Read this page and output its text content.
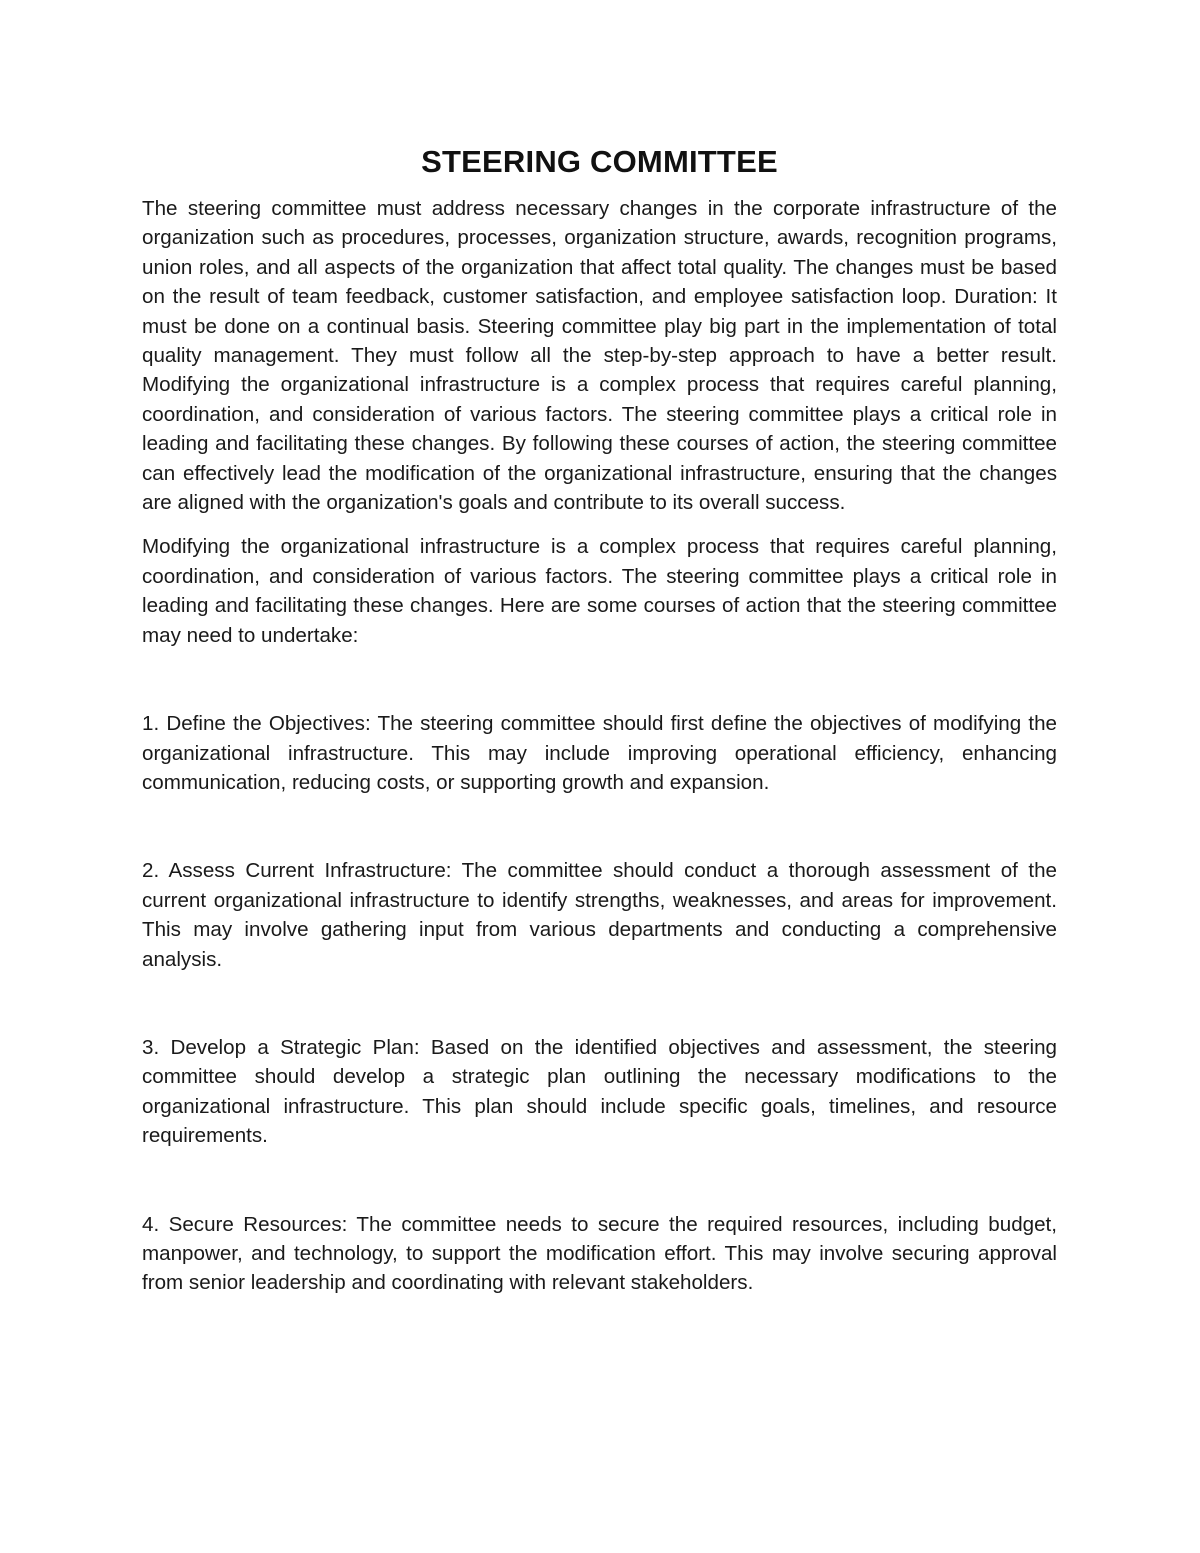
STEERING COMMITTEE

The steering committee must address necessary changes in the corporate infrastructure of the organization such as procedures, processes, organization structure, awards, recognition programs, union roles, and all aspects of the organization that affect total quality. The changes must be based on the result of team feedback, customer satisfaction, and employee satisfaction loop. Duration: It must be done on a continual basis. Steering committee play big part in the implementation of total quality management. They must follow all the step-by-step approach to have a better result. Modifying the organizational infrastructure is a complex process that requires careful planning, coordination, and consideration of various factors. The steering committee plays a critical role in leading and facilitating these changes. By following these courses of action, the steering committee can effectively lead the modification of the organizational infrastructure, ensuring that the changes are aligned with the organization's goals and contribute to its overall success.

Modifying the organizational infrastructure is a complex process that requires careful planning, coordination, and consideration of various factors. The steering committee plays a critical role in leading and facilitating these changes. Here are some courses of action that the steering committee may need to undertake:

1. Define the Objectives: The steering committee should first define the objectives of modifying the organizational infrastructure. This may include improving operational efficiency, enhancing communication, reducing costs, or supporting growth and expansion.

2. Assess Current Infrastructure: The committee should conduct a thorough assessment of the current organizational infrastructure to identify strengths, weaknesses, and areas for improvement. This may involve gathering input from various departments and conducting a comprehensive analysis.

3. Develop a Strategic Plan: Based on the identified objectives and assessment, the steering committee should develop a strategic plan outlining the necessary modifications to the organizational infrastructure. This plan should include specific goals, timelines, and resource requirements.

4. Secure Resources: The committee needs to secure the required resources, including budget, manpower, and technology, to support the modification effort. This may involve securing approval from senior leadership and coordinating with relevant stakeholders.
